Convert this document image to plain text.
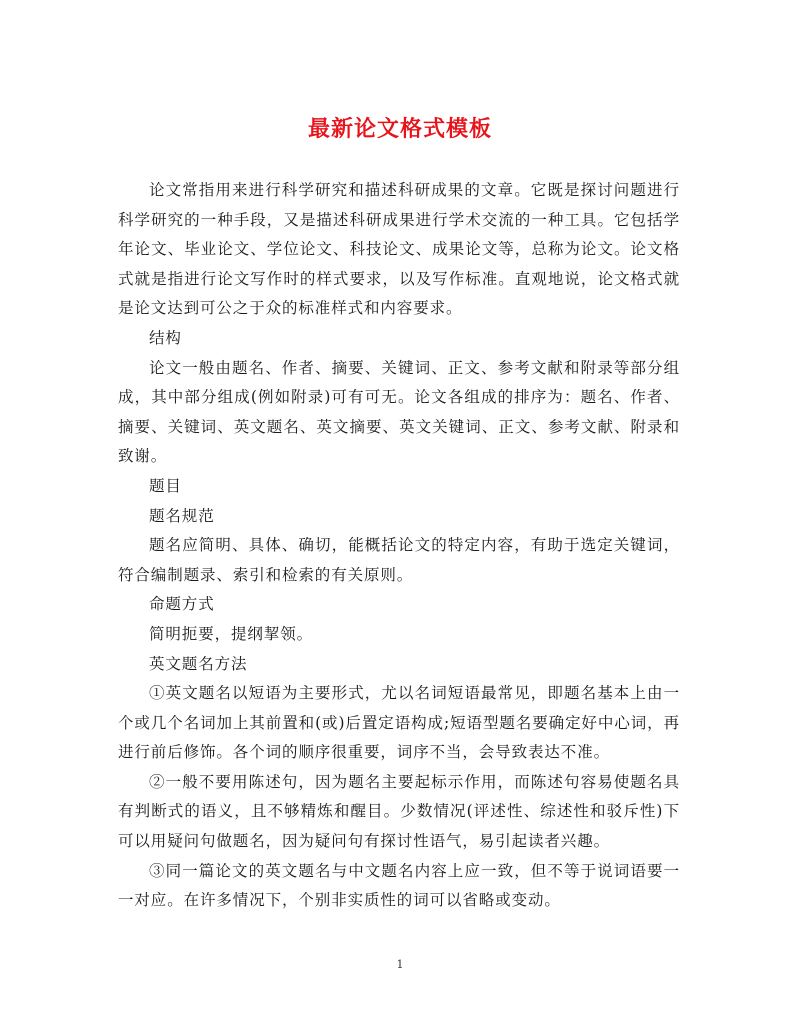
最新论文格式模板

论文常指用来进行科学研究和描述科研成果的文章。它既是探讨问题进行科学研究的一种手段，又是描述科研成果进行学术交流的一种工具。它包括学年论文、毕业论文、学位论文、科技论文、成果论文等，总称为论文。论文格式就是指进行论文写作时的样式要求，以及写作标准。直观地说，论文格式就是论文达到可公之于众的标准样式和内容要求。

结构

论文一般由题名、作者、摘要、关键词、正文、参考文献和附录等部分组成，其中部分组成(例如附录)可有可无。论文各组成的排序为：题名、作者、摘要、关键词、英文题名、英文摘要、英文关键词、正文、参考文献、附录和致谢。

题目

题名规范

题名应简明、具体、确切，能概括论文的特定内容，有助于选定关键词，符合编制题录、索引和检索的有关原则。

命题方式

简明扼要，提纲挈领。

英文题名方法

①英文题名以短语为主要形式，尤以名词短语最常见，即题名基本上由一个或几个名词加上其前置和(或)后置定语构成;短语型题名要确定好中心词，再进行前后修饰。各个词的顺序很重要，词序不当，会导致表达不准。

②一般不要用陈述句，因为题名主要起标示作用，而陈述句容易使题名具有判断式的语义，且不够精炼和醒目。少数情况(评述性、综述性和驳斥性)下可以用疑问句做题名，因为疑问句有探讨性语气，易引起读者兴趣。

③同一篇论文的英文题名与中文题名内容上应一致，但不等于说词语要一一对应。在许多情况下，个别非实质性的词可以省略或变动。

1
